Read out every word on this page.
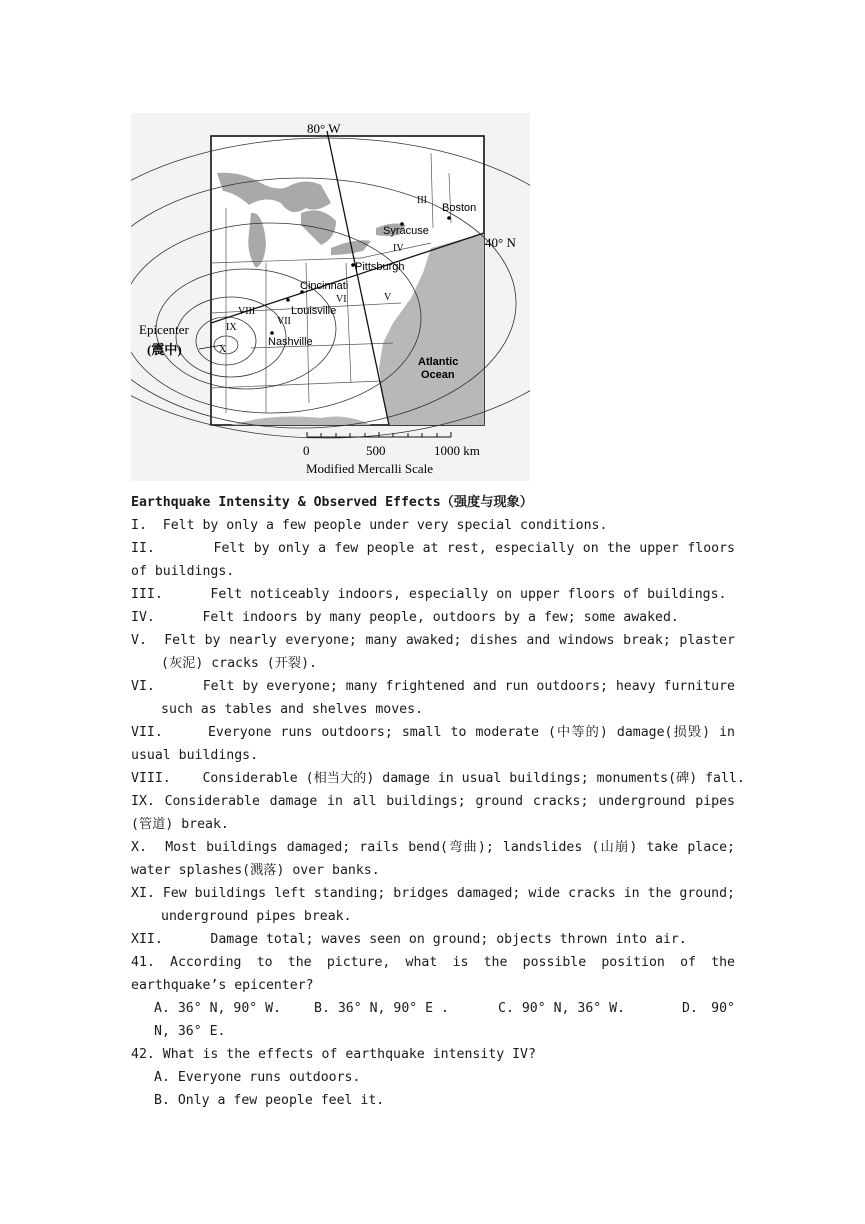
80° W
40° N
Boston
Syracuse
Pittsburgh
Cincinnati
Louisville
Nashville
III
IV
V
VI
VII
VIII
IX
X
Epicenter
(震中)
Atlantic
Ocean
0	500	1000 km
Modified Mercalli Scale
Earthquake Intensity & Observed Effects（强度与现象）
I. Felt by only a few people under very special conditions.
II.	Felt by only a few people at rest, especially on the upper floors of buildings.
III.	Felt noticeably indoors, especially on upper floors of buildings.
IV.	Felt indoors by many people, outdoors by a few; some awaked.
V. Felt by nearly everyone; many awaked; dishes and windows break; plaster (灰泥) cracks (开裂).
VI.	Felt by everyone; many frightened and run outdoors; heavy furniture such as tables and shelves moves.
VII.	Everyone runs outdoors; small to moderate (中等的) damage(损毁) in usual buildings.
VIII. Considerable (相当大的) damage in usual buildings; monuments(碑) fall.
IX. Considerable damage in all buildings; ground cracks; underground pipes (管道) break.
X. Most buildings damaged; rails bend(弯曲); landslides (山崩) take place; water splashes(溅落) over banks.
XI. Few buildings left standing; bridges damaged; wide cracks in the ground; underground pipes break.
XII.	Damage total; waves seen on ground; objects thrown into air.
41. According to the picture, what is the possible position of the earthquake’s epicenter?
A. 36° N, 90° W. B. 36° N, 90° E .	C. 90° N, 36° W.	D. 90° N, 36° E.
42. What is the effects of earthquake intensity IV?
A. Everyone runs outdoors.
B. Only a few people feel it.
